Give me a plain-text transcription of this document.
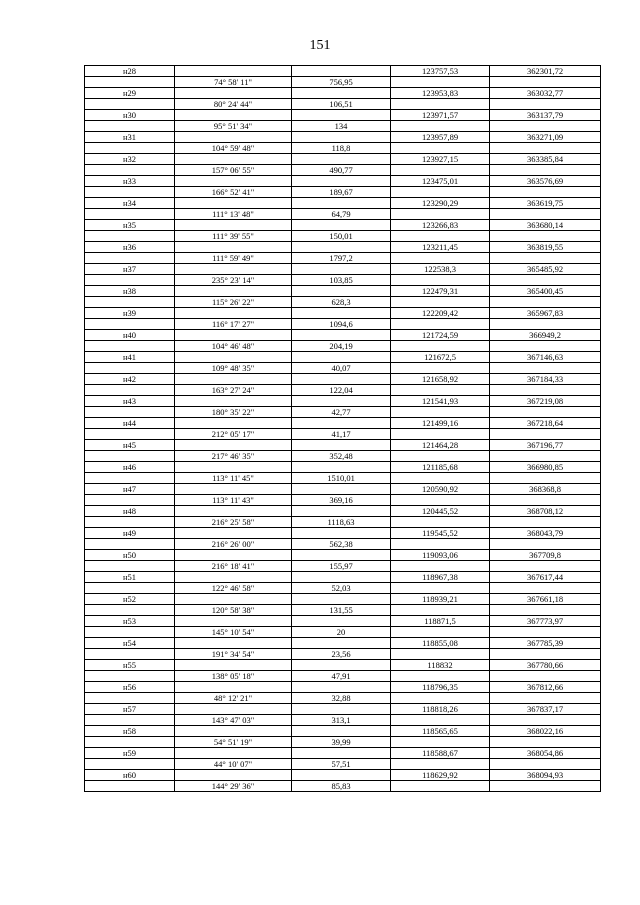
151
н28			123757,53	362301,72
	74° 58' 11"	756,95		
н29			123953,83	363032,77
	80° 24' 44"	106,51		
н30			123971,57	363137,79
	95° 51' 34"	134		
н31			123957,89	363271,09
	104° 59' 48"	118,8		
н32			123927,15	363385,84
	157° 06' 55"	490,77		
н33			123475,01	363576,69
	166° 52' 41"	189,67		
н34			123290,29	363619,75
	111° 13' 48"	64,79		
н35			123266,83	363680,14
	111° 39' 55"	150,01		
н36			123211,45	363819,55
	111° 59' 49"	1797,2		
н37			122538,3	365485,92
	235° 23' 14"	103,85		
н38			122479,31	365400,45
	115° 26' 22"	628,3		
н39			122209,42	365967,83
	116° 17' 27"	1094,6		
н40			121724,59	366949,2
	104° 46' 48"	204,19		
н41			121672,5	367146,63
	109° 48' 35"	40,07		
н42			121658,92	367184,33
	163° 27' 24"	122,04		
н43			121541,93	367219,08
	180° 35' 22"	42,77		
н44			121499,16	367218,64
	212° 05' 17"	41,17		
н45			121464,28	367196,77
	217° 46' 35"	352,48		
н46			121185,68	366980,85
	113° 11' 45"	1510,01		
н47			120590,92	368368,8
	113° 11' 43"	369,16		
н48			120445,52	368708,12
	216° 25' 58"	1118,63		
н49			119545,52	368043,79
	216° 26' 00"	562,38		
н50			119093,06	367709,8
	216° 18' 41"	155,97		
н51			118967,38	367617,44
	122° 46' 58"	52,03		
н52			118939,21	367661,18
	120° 58' 38"	131,55		
н53			118871,5	367773,97
	145° 10' 54"	20		
н54			118855,08	367785,39
	191° 34' 54"	23,56		
н55			118832	367780,66
	138° 05' 18"	47,91		
н56			118796,35	367812,66
	48° 12' 21"	32,88		
н57			118818,26	367837,17
	143° 47' 03"	313,1		
н58			118565,65	368022,16
	54° 51' 19"	39,99		
н59			118588,67	368054,86
	44° 10' 07"	57,51		
н60			118629,92	368094,93
	144° 29' 36"	85,83		
